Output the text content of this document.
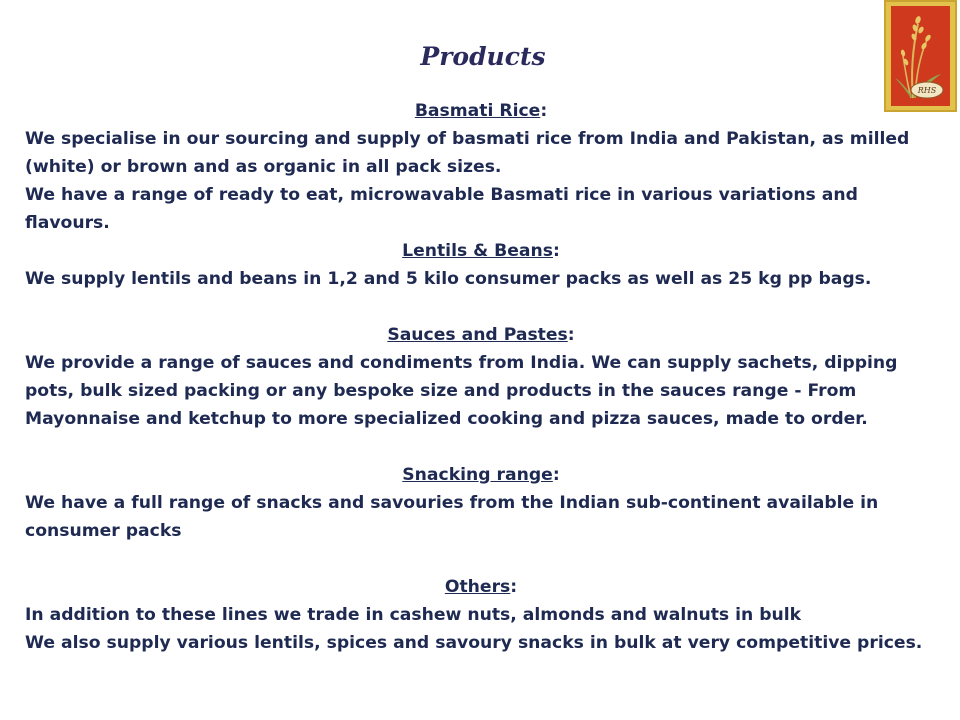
Products
RHS

Basmati Rice:

We specialise in our sourcing and supply of basmati rice from India and Pakistan, as milled (white) or brown and as organic in all pack sizes.

We have a range of ready to eat, microwavable Basmati rice in various variations and flavours.

Lentils & Beans:

We supply lentils and beans in 1,2 and 5 kilo consumer packs as well as 25 kg pp bags.

Sauces and Pastes:

We provide a range of sauces and condiments from India. We can supply sachets, dipping pots, bulk sized packing or any bespoke size and products in the sauces range - From Mayonnaise and ketchup to more specialized cooking and pizza sauces, made to order.

Snacking range:

We have a full range of snacks and savouries from the Indian sub-continent available in consumer packs

Others:

In addition to these lines we trade in cashew nuts, almonds and walnuts in bulk

We also supply various lentils, spices and savoury snacks in bulk at very competitive prices.
